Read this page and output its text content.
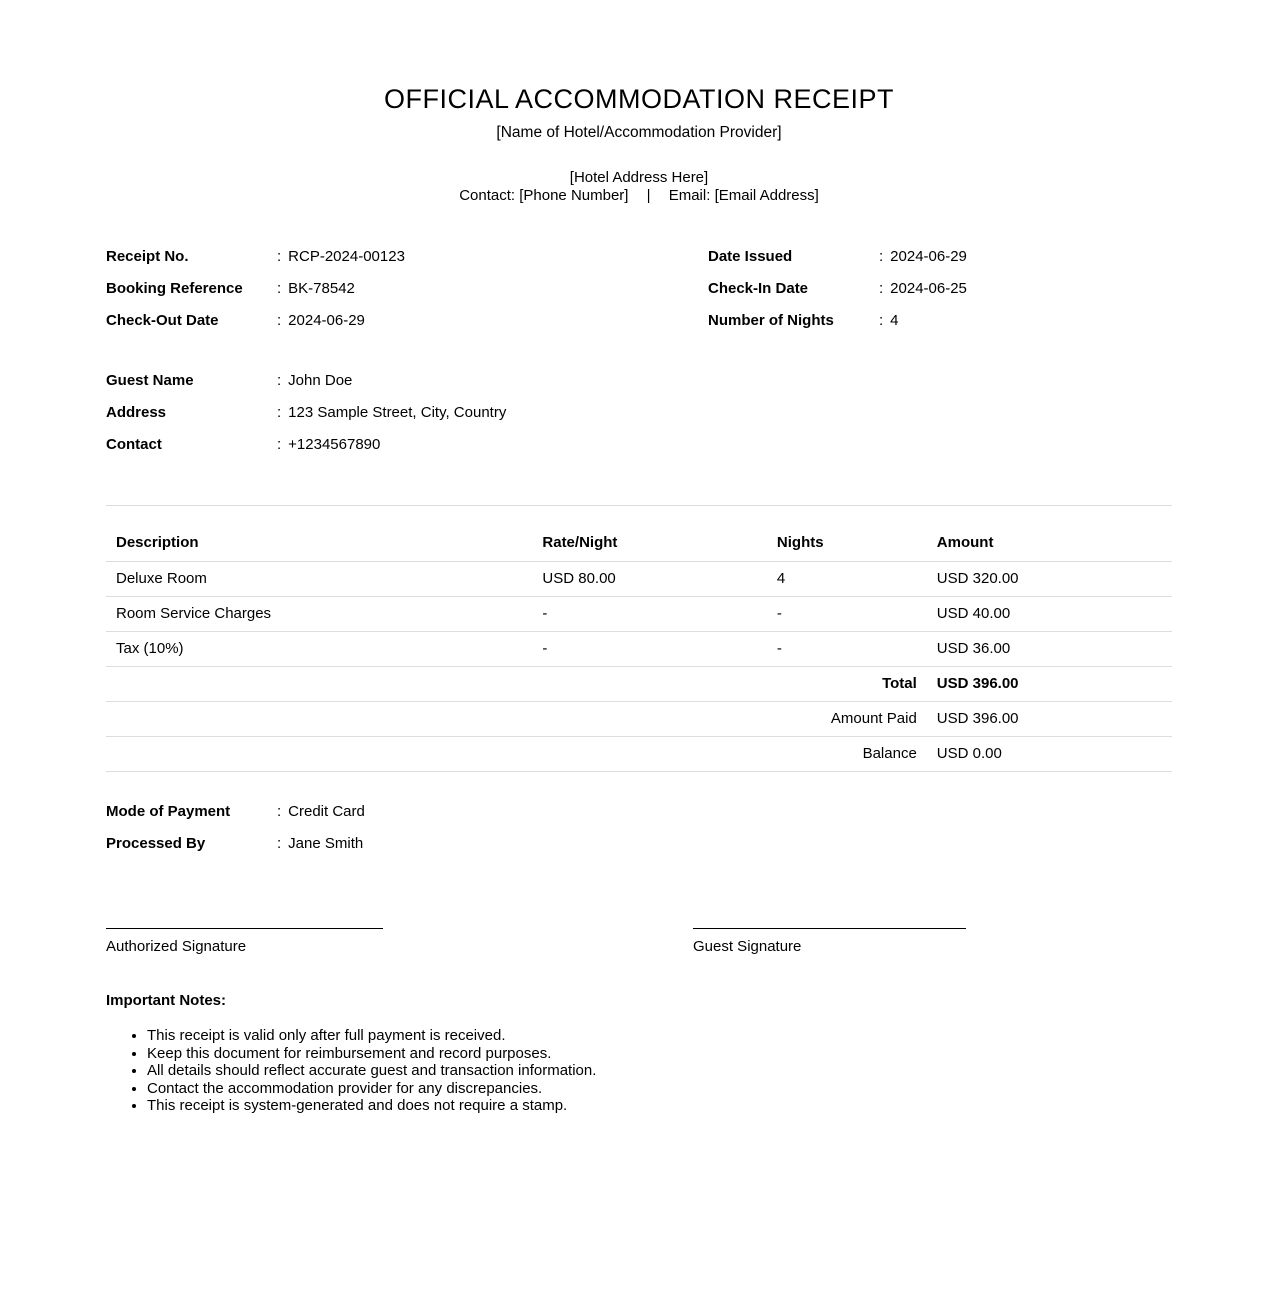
OFFICIAL ACCOMMODATION RECEIPT
[Name of Hotel/Accommodation Provider]
[Hotel Address Here]
Contact: [Phone Number] | Email: [Email Address]
Receipt No.	: RCP-2024-00123
Booking Reference	: BK-78542
Check-Out Date	: 2024-06-29
Date Issued	: 2024-06-29
Check-In Date	: 2024-06-25
Number of Nights	: 4
Guest Name	: John Doe
Address	: 123 Sample Street, City, Country
Contact	: +1234567890
Description	Rate/Night	Nights	Amount
Deluxe Room	USD 80.00	4	USD 320.00
Room Service Charges	-	-	USD 40.00
Tax (10%)	-	-	USD 36.00
Total			USD 396.00
Amount Paid			USD 396.00
Balance			USD 0.00
Mode of Payment	: Credit Card
Processed By	: Jane Smith
Authorized Signature	Guest Signature
Important Notes:
• This receipt is valid only after full payment is received.
• Keep this document for reimbursement and record purposes.
• All details should reflect accurate guest and transaction information.
• Contact the accommodation provider for any discrepancies.
• This receipt is system-generated and does not require a stamp.
